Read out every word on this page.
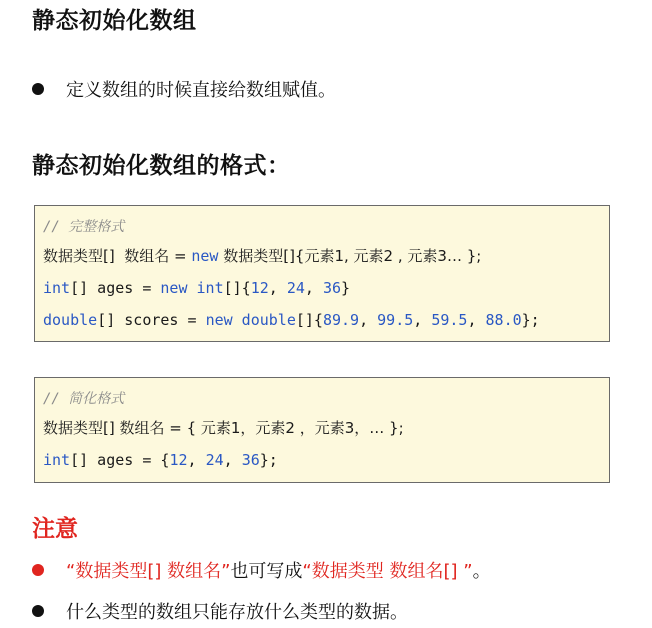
静态初始化数组
定义数组的时候直接给数组赋值。
静态初始化数组的格式：
// 完整格式
数据类型[]  数组名 = new 数据类型[]{元素1, 元素2 , 元素3… };
int[] ages = new int[]{12, 24, 36}
double[] scores = new double[]{89.9, 99.5, 59.5, 88.0};
// 简化格式
数据类型[] 数组名 = { 元素1，元素2 ，元素3，… };
int[] ages = {12, 24, 36};
注意
“数据类型[] 数组名” 也可写成 “数据类型 数组名[] ” 。
什么类型的数组只能存放什么类型的数据。
